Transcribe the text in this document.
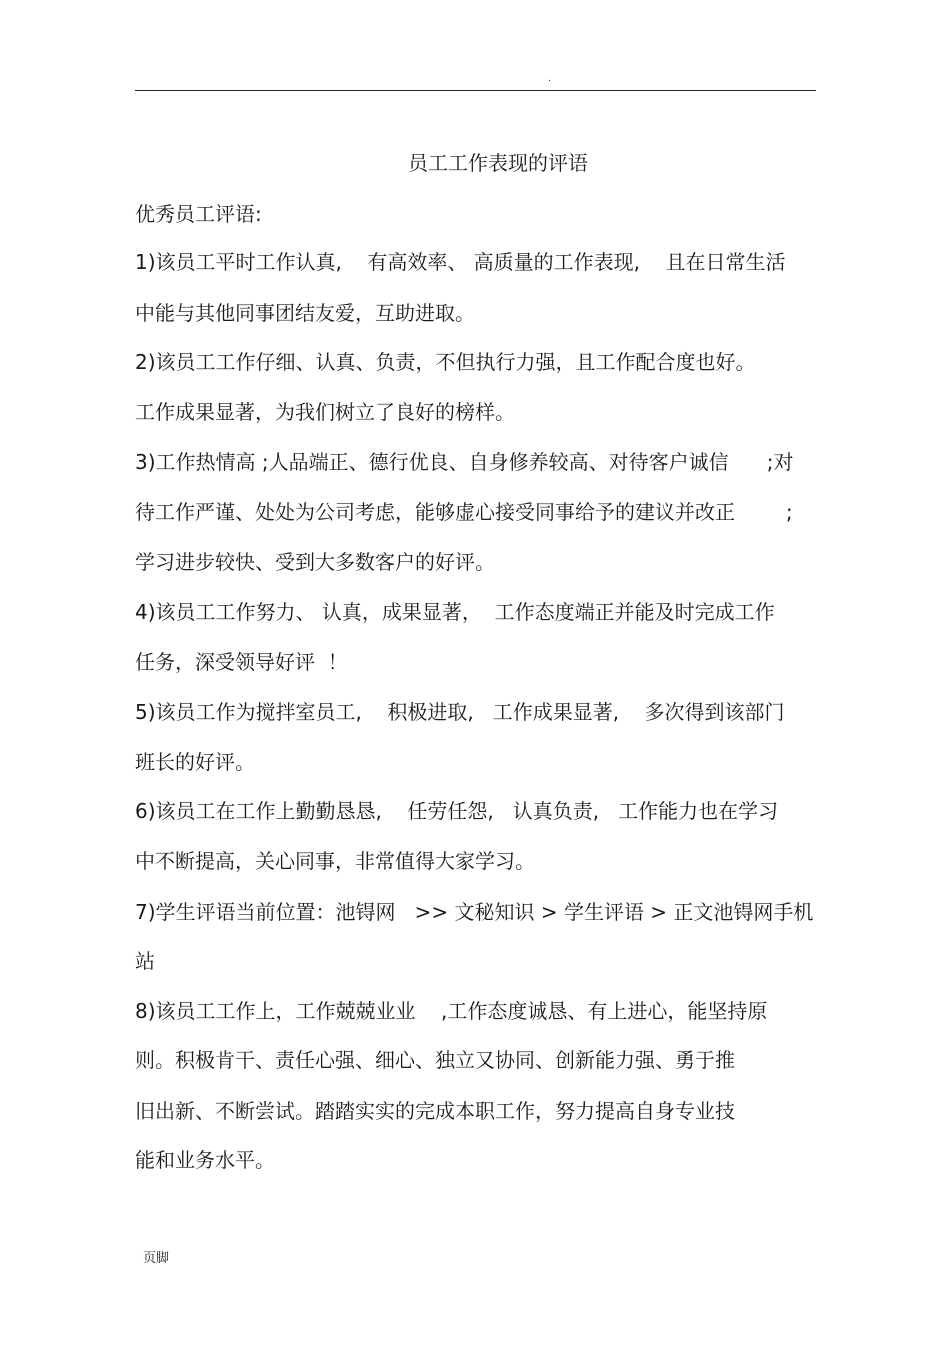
.
员工工作表现的评语
优秀员工评语:
1)该员工平时工作认真,    有高效率、 高质量的工作表现,    且在日常生活
中能与其他同事团结友爱，互助进取。
2)该员工工作仔细、认真、负责，不但执行力强，且工作配合度也好。
工作成果显著，为我们树立了良好的榜样。
3)工作热情高 ;人品端正、德行优良、自身修养较高、对待客户诚信      ;对
待工作严谨、处处为公司考虑，能够虚心接受同事给予的建议并改正        ;
学习进步较快、受到大多数客户的好评。
4)该员工工作努力、 认真，成果显著，  工作态度端正并能及时完成工作
任务，深受领导好评  ！
5)该员工作为搅拌室员工,    积极进取,   工作成果显著,    多次得到该部门
班长的好评。
6)该员工在工作上勤勤恳恳,    任劳任怨,   认真负责,   工作能力也在学习
中不断提高，关心同事，非常值得大家学习。
7)学生评语当前位置：池锝网   >> 文秘知识 > 学生评语 > 正文池锝网手机
站
8)该员工工作上，工作兢兢业业    ,工作态度诚恳、有上进心，能坚持原
则。积极肯干、责任心强、细心、独立又协同、创新能力强、勇于推
旧出新、不断尝试。踏踏实实的完成本职工作，努力提高自身专业技
能和业务水平。
页脚
